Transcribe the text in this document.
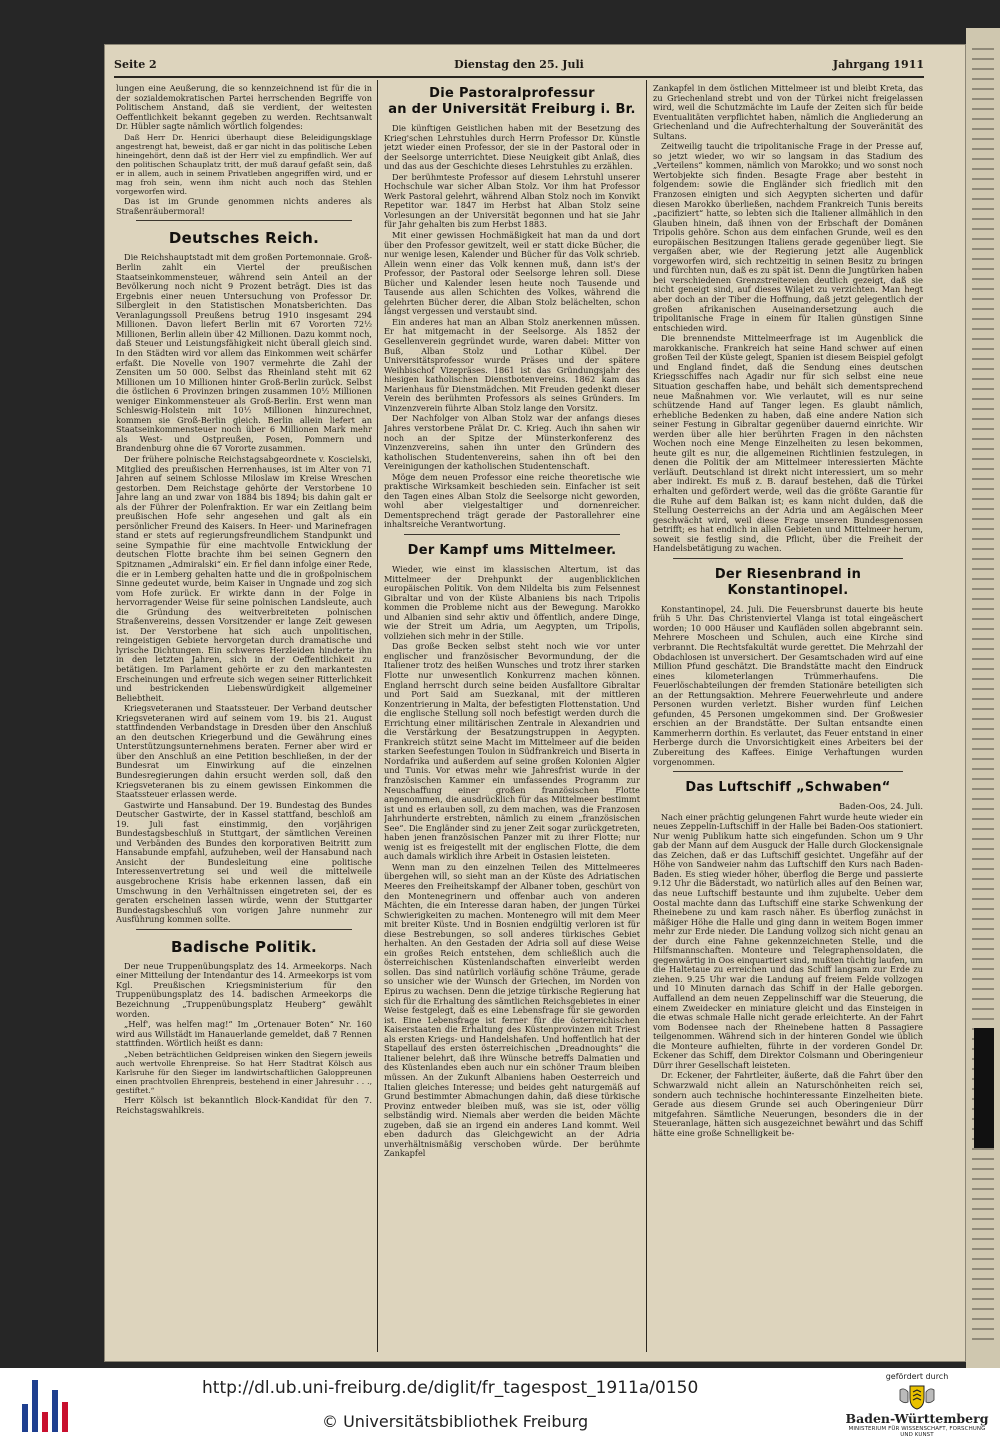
Seite 2	Dienstag den 25. Juli	Jahrgang 1911

lungen eine Aeußerung, die so kennzeichnend ist für die in der sozialdemokratischen Partei herrschenden Begriffe von Politischem Anstand, daß sie verdient, der weitesten Oeffentlichkeit bekannt gegeben zu werden. Rechtsanwalt Dr. Hübler sagte nämlich wörtlich folgendes:

Daß Herr Dr. Henrici überhaupt diese Beleidigungsklage angestrengt hat, beweist, daß er gar nicht in das politische Leben hineingehört, denn daß ist der Herr viel zu empfindlich. Wer auf den politischen Schauplatz tritt, der muß darauf gefaßt sein, daß er in allem, auch in seinem Privatleben angegriffen wird, und er mag froh sein, wenn ihm nicht auch noch das Stehlen vorgeworfen wird.

Das ist im Grunde genommen nichts anderes als Straßenräubermoral!

Deutsches Reich.

Die Reichshauptstadt mit dem großen Portemonnaie. Groß-Berlin zahlt ein Viertel der preußischen Staatseinkommensteuer, während sein Anteil an der Bevölkerung noch nicht 9 Prozent beträgt. Dies ist das Ergebnis einer neuen Untersuchung von Professor Dr. Silbergleit in den Statistischen Monatsberichten. Das Veranlagungssoll Preußens betrug 1910 insgesamt 294 Millionen. Davon liefert Berlin mit 67 Vororten 72½ Millionen, Berlin allein über 42 Millionen. Dazu kommt noch, daß Steuer und Leistungsfähigkeit nicht überall gleich sind. In den Städten wird vor allem das Einkommen weit schärfer erfaßt. Die Novelle von 1907 vermehrte die Zahl der Zensiten um 50 000. Selbst das Rheinland steht mit 62 Millionen um 10 Millionen hinter Groß-Berlin zurück. Selbst die östlichen 6 Provinzen bringen zusammen 10½ Millionen weniger Einkommensteuer als Groß-Berlin. Erst wenn man Schleswig-Holstein mit 10½ Millionen hinzurechnet, kommen sie Groß-Berlin gleich. Berlin allein liefert an Staatseinkommensteuer noch über 6 Millionen Mark mehr als West- und Ostpreußen, Posen, Pommern und Brandenburg ohne die 67 Vororte zusammen.

Der frühere polnische Reichstagsabgeordnete v. Koscielski, Mitglied des preußischen Herrenhauses, ist im Alter von 71 Jahren auf seinem Schlosse Miloslaw im Kreise Wreschen gestorben. Dem Reichstage gehörte der Verstorbene 10 Jahre lang an und zwar von 1884 bis 1894; bis dahin galt er als der Führer der Polenfraktion. Er war ein Zeitlang beim preußischen Hofe sehr angesehen und galt als ein persönlicher Freund des Kaisers. In Heer- und Marinefragen stand er stets auf regierungsfreundlichem Standpunkt und seine Sympathie für eine machtvolle Entwicklung der deutschen Flotte brachte ihm bei seinen Gegnern den Spitznamen „Admiralski“ ein. Er fiel dann infolge einer Rede, die er in Lemberg gehalten hatte und die in großpolnischem Sinne gedeutet wurde, beim Kaiser in Ungnade und zog sich vom Hofe zurück. Er wirkte dann in der Folge in hervorragender Weise für seine polnischen Landsleute, auch die Gründung des weitverbreiteten polnischen Straßenvereins, dessen Vorsitzender er lange Zeit gewesen ist. Der Verstorbene hat sich auch unpolitischen, reingeistigen Gebiete hervorgetan durch dramatische und lyrische Dichtungen. Ein schweres Herzleiden hinderte ihn in den letzten Jahren, sich in der Oeffentlichkeit zu betätigen. Im Parlament gehörte er zu den markantesten Erscheinungen und erfreute sich wegen seiner Ritterlichkeit und bestrickenden Liebenswürdigkeit allgemeiner Beliebtheit.

Kriegsveteranen und Staatssteuer. Der Verband deutscher Kriegsveteranen wird auf seinem vom 19. bis 21. August stattfindenden Verbandstage in Dresden über den Anschluß an den deutschen Kriegerbund und die Gewährung eines Unterstützungsunternehmens beraten. Ferner aber wird er über den Anschluß an eine Petition beschließen, in der der Bundesrat um Einwirkung auf die einzelnen Bundesregierungen dahin ersucht werden soll, daß den Kriegsveteranen bis zu einem gewissen Einkommen die Staatssteuer erlassen werde.

Gastwirte und Hansabund. Der 19. Bundestag des Bundes Deutscher Gastwirte, der in Kassel stattfand, beschloß am 19. Juli fast einstimmig, den vorjährigen Bundestagsbeschluß in Stuttgart, der sämtlichen Vereinen und Verbänden des Bundes den korporativen Beitritt zum Hansabunde empfahl, aufzuheben, weil der Hansabund nach Ansicht der Bundesleitung eine politische Interessenvertretung sei und weil die mittelweile ausgebrochene Krisis habe erkennen lassen, daß ein Umschwung in den Verhältnissen eingetreten sei, der es geraten erscheinen lassen würde, wenn der Stuttgarter Bundestagsbeschluß von vorigen Jahre nunmehr zur Ausführung kommen sollte.

Badische Politik.

Der neue Truppenübungsplatz des 14. Armeekorps. Nach einer Mitteilung der Intendantur des 14. Armeekorps ist vom Kgl. Preußischen Kriegsministerium für den Truppenübungsplatz des 14. badischen Armeekorps die Bezeichnung „Truppenübungsplatz Heuberg“ gewählt worden.

„Helf', was helfen mag!“ Im „Ortenauer Boten“ Nr. 160 wird aus Willstädt im Hanauerlande gemeldet, daß 7 Rennen stattfinden. Wörtlich heißt es dann:

„Neben beträchtlichen Geldpreisen winken den Siegern jeweils auch wertvolle Ehrenpreise. So hat Herr Stadtrat Kölsch aus Karlsruhe für den Sieger im landwirtschaftlichen Galoppreunen einen prachtvollen Ehrenpreis, bestehend in einer Jahresuhr . . ., gestiftet.“

Herr Kölsch ist bekanntlich Block-Kandidat für den 7. Reichstagswahlkreis.

Die Pastoralprofessur
an der Universität Freiburg i. Br.

Die künftigen Geistlichen haben mit der Besetzung des Krieg'schen Lehrstuhles durch Herrn Professor Dr. Künstle jetzt wieder einen Professor, der sie in der Pastoral oder in der Seelsorge unterrichtet. Diese Neuigkeit gibt Anlaß, dies und das aus der Geschichte dieses Lehrstuhles zu erzählen.

Der berühmteste Professor auf diesem Lehrstuhl unserer Hochschule war sicher Alban Stolz. Vor ihm hat Professor Werk Pastoral gelehrt, während Alban Stolz noch im Konvikt Repetitor war. 1847 im Herbst hat Alban Stolz seine Vorlesungen an der Universität begonnen und hat sie Jahr für Jahr gehalten bis zum Herbst 1883.

Mit einer gewissen Hochmäßigkeit hat man da und dort über den Professor gewitzelt, weil er statt dicke Bücher, die nur wenige lesen, Kalender und Bücher für das Volk schrieb. Allein wenn einer das Volk kennen muß, dann ist's der Professor, der Pastoral oder Seelsorge lehren soll. Diese Bücher und Kalender lesen heute noch Tausende und Tausende aus allen Schichten des Volkes, während die gelehrten Bücher derer, die Alban Stolz belächelten, schon längst vergessen und verstaubt sind.

Ein anderes hat man an Alban Stolz anerkennen müssen. Er hat mitgemacht in der Seelsorge. Als 1852 der Gesellenverein gegründet wurde, waren dabei: Mitter von Buß, Alban Stolz und Lothar Kübel. Der Universitätsprofessor wurde Präses und der spätere Weihbischof Vizepräses. 1861 ist das Gründungsjahr des hiesigen katholischen Dienstbotenvereins. 1862 kam das Marienhaus für Dienstmädchen. Mit Freuden gedenkt dieser Verein des berühmten Professors als seines Gründers. Im Vinzenzverein führte Alban Stolz lange den Vorsitz.

Der Nachfolger von Alban Stolz war der anfangs dieses Jahres verstorbene Prälat Dr. C. Krieg. Auch ihn sahen wir noch an der Spitze der Münsterkonferenz des Vinzenzvereins, sahen ihn unter den Gründern des katholischen Studentenvereins, sahen ihn oft bei den Vereinigungen der katholischen Studentenschaft.

Möge dem neuen Professor eine reiche theoretische wie praktische Wirksamkeit beschieden sein. Einfacher ist seit den Tagen eines Alban Stolz die Seelsorge nicht geworden, wohl aber vielgestaltiger und dornenreicher. Dementsprechend trägt gerade der Pastorallehrer eine inhaltsreiche Verantwortung.

Der Kampf ums Mittelmeer.

Wieder, wie einst im klassischen Altertum, ist das Mittelmeer der Drehpunkt der augenblicklichen europäischen Politik. Von dem Nildelta bis zum Felsennest Gibraltar und von der Küste Albaniens bis nach Tripolis kommen die Probleme nicht aus der Bewegung. Marokko und Albanien sind sehr aktiv und öffentlich, andere Dinge, wie der Streit um Adria, um Aegypten, um Tripolis, vollziehen sich mehr in der Stille.

Das große Becken selbst steht noch wie vor unter englischer und französischer Bevormundung, der die Italiener trotz des heißen Wunsches und trotz ihrer starken Flotte nur unwesentlich Konkurrenz machen können. England herrscht durch seine beiden Ausfalltore Gibraltar und Port Said am Suezkanal, mit der mittleren Konzentrierung in Malta, der befestigten Flottenstation. Und die englische Stellung soll noch befestigt werden durch die Errichtung einer militärischen Zentrale in Alexandrien und die Verstärkung der Besatzungstruppen in Aegypten. Frankreich stützt seine Macht im Mittelmeer auf die beiden starken Seefestungen Toulon in Südfrankreich und Biserta in Nordafrika und außerdem auf seine großen Kolonien Algier und Tunis. Vor etwas mehr wie Jahresfrist wurde in der französischen Kammer ein umfassendes Programm zur Neuschaffung einer großen französischen Flotte angenommen, die ausdrücklich für das Mittelmeer bestimmt ist und es erlauben soll, zu dem machen, was die Franzosen Jahrhunderte erstrebten, nämlich zu einem „französischen See“. Die Engländer sind zu jener Zeit sogar zurückgetreten, haben jenen französischen Panzer mit zu ihrer Flotte; nur wenig ist es freigestellt mit der englischen Flotte, die dem auch damals wirklich ihre Arbeit in Ostasien leisteten.

Wenn man zu den einzelnen Teilen des Mittelmeeres übergehen will, so sieht man an der Küste des Adriatischen Meeres den Freiheitskampf der Albaner toben, geschürt von den Montenegrinern und offenbar auch von anderen Mächten, die ein Interesse daran haben, der jungen Türkei Schwierigkeiten zu machen. Montenegro will mit dem Meer mit breiter Küste. Und in Bosnien endgültig verloren ist für diese Bestrebungen, so soll anderes türkisches Gebiet herhalten. An den Gestaden der Adria soll auf diese Weise ein großes Reich entstehen, dem schließlich auch die österreichischen Küstenlandschaften einverleibt werden sollen. Das sind natürlich vorläufig schöne Träume, gerade so unsicher wie der Wunsch der Griechen, im Norden von Epirus zu wachsen. Denn die jetzige türkische Regierung hat sich für die Erhaltung des sämtlichen Reichsgebietes in einer Weise festgelegt, daß es eine Lebensfrage für sie geworden ist. Eine Lebensfrage ist ferner für die österreichischen Kaiserstaaten die Erhaltung des Küstenprovinzen mit Triest als ersten Kriegs- und Handelshafen. Und hoffentlich hat der Stapellauf des ersten österreichischen „Dreadnoughts“ die Italiener belehrt, daß ihre Wünsche betreffs Dalmatien und des Küstenlandes eben auch nur ein schöner Traum bleiben müssen. An der Zukunft Albaniens haben Oesterreich und Italien gleiches Interesse; und beides geht naturgemäß auf Grund bestimmter Abmachungen dahin, daß diese türkische Provinz entweder bleiben muß, was sie ist, oder völlig selbständig wird. Niemals aber werden die beiden Mächte zugeben, daß sie an irgend ein anderes Land kommt. Weil eben dadurch das Gleichgewicht an der Adria unverhältnismäßig verschoben würde. Der berühmte Zankapfel

Zankapfel in dem östlichen Mittelmeer ist und bleibt Kreta, das zu Griechenland strebt und von der Türkei nicht freigelassen wird, weil die Schutzmächte im Laufe der Zeiten sich für beide Eventualitäten verpflichtet haben, nämlich die Angliederung an Griechenland und die Aufrechterhaltung der Souveränität des Sultans.

Zeitweilig taucht die tripolitanische Frage in der Presse auf, so jetzt wieder, wo wir so langsam in das Stadium des „Verteilens“ kommen, nämlich von Marokko; und wo sonst noch Wertobjekte sich finden. Besagte Frage aber besteht in folgendem: sowie die Engländer sich friedlich mit den Franzosen einigten und sich Aegypten sicherten und dafür diesen Marokko überließen, nachdem Frankreich Tunis bereits „pacifiziert“ hatte, so lebten sich die Italiener allmählich in den Glauben hinein, daß ihnen von der Erbschaft der Domänen Tripolis gehöre. Schon aus dem einfachen Grunde, weil es den europäischen Besitzungen Italiens gerade gegenüber liegt. Sie vergaßen aber, wie der Regierung jetzt alle Augenblick vorgeworfen wird, sich rechtzeitig in seinen Besitz zu bringen und fürchten nun, daß es zu spät ist. Denn die Jungtürken haben bei verschiedenen Grenzstreitereien deutlich gezeigt, daß sie nicht geneigt sind, auf dieses Wilajet zu verzichten. Man hegt aber doch an der Tiber die Hoffnung, daß jetzt gelegentlich der großen afrikanischen Auseinandersetzung auch die tripolitanische Frage in einem für Italien günstigen Sinne entschieden wird.

Die brennendste Mittelmeerfrage ist im Augenblick die marokkanische. Frankreich hat seine Hand schwer auf einen großen Teil der Küste gelegt, Spanien ist diesem Beispiel gefolgt und England findet, daß die Sendung eines deutschen Kriegsschiffes nach Agadir nur für sich selbst eine neue Situation geschaffen habe, und behält sich dementsprechend neue Maßnahmen vor. Wie verlautet, will es nur seine schützende Hand auf Tanger legen. Es glaubt nämlich, erhebliche Bedenken zu haben, daß eine andere Nation sich seiner Festung in Gibraltar gegenüber dauernd einrichte. Wir werden über alle hier berührten Fragen in den nächsten Wochen noch eine Menge Einzelheiten zu lesen bekommen, heute gilt es nur, die allgemeinen Richtlinien festzulegen, in denen die Politik der am Mittelmeer interessierten Mächte verläuft. Deutschland ist direkt nicht interessiert, um so mehr aber indirekt. Es muß z. B. darauf bestehen, daß die Türkei erhalten und gefördert werde, weil das die größte Garantie für die Ruhe auf dem Balkan ist; es kann nicht dulden, daß die Stellung Oesterreichs an der Adria und am Aegäischen Meer geschwächt wird, weil diese Frage unseren Bundesgenossen betrifft; es hat endlich in allen Gebieten und Mittelmeer herum, soweit sie festlig sind, die Pflicht, über die Freiheit der Handelsbetätigung zu wachen.

Der Riesenbrand in Konstantinopel.

Konstantinopel, 24. Juli. Die Feuersbrunst dauerte bis heute früh 5 Uhr. Das Christenviertel Vlanga ist total eingeäschert worden; 10 000 Häuser und Kaufläden sollen abgebrannt sein. Mehrere Moscheen und Schulen, auch eine Kirche sind verbrannt. Die Rechtsfakultät wurde gerettet. Die Mehrzahl der Obdachlosen ist unversichert. Der Gesamtschaden wird auf eine Million Pfund geschätzt. Die Brandstätte macht den Eindruck eines kilometerlangen Trümmerhaufens. Die Feuerlöschabteilungen der fremden Stationäre beteiligten sich an der Rettungsaktion. Mehrere Feuerwehrleute und andere Personen wurden verletzt. Bisher wurden fünf Leichen gefunden, 45 Personen umgekommen sind. Der Großwesier erschien an der Brandstätte. Der Sultan entsandte einen Kammerherrn dorthin. Es verlautet, das Feuer entstand in einer Herberge durch die Unvorsichtigkeit eines Arbeiters bei der Zubereitung des Kaffees. Einige Verhaftungen wurden vorgenommen.

Das Luftschiff „Schwaben“

Baden-Oos, 24. Juli.

Nach einer prächtig gelungenen Fahrt wurde heute wieder ein neues Zeppelin-Luftschiff in der Halle bei Baden-Oos stationiert. Nur wenig Publikum hatte sich eingefunden. Schon um 9 Uhr gab der Mann auf dem Ausguck der Halle durch Glockensignale das Zeichen, daß er das Luftschiff gesichtet. Ungefähr auf der Höhe von Sandweier nahm das Luftschiff den Kurs nach Baden-Baden. Es stieg wieder höher, überflog die Berge und passierte 9.12 Uhr die Bäderstadt, wo natürlich alles auf den Beinen war, das neue Luftschiff bestaunte und ihm zujubelte. Ueber dem Oostal machte dann das Luftschiff eine starke Schwenkung der Rheinebene zu und kam rasch näher. Es überflog zunächst in mäßiger Höhe die Halle und ging dann in weitem Bogen immer mehr zur Erde nieder. Die Landung vollzog sich nicht genau an der durch eine Fahne gekennzeichneten Stelle, und die Hilfsmannschaften. Monteure und Telegraphensoldaten, die gegenwärtig in Oos einquartiert sind, mußten tüchtig laufen, um die Haltetaue zu erreichen und das Schiff langsam zur Erde zu ziehen. 9.25 Uhr war die Landung auf freiem Felde vollzogen und 10 Minuten darnach das Schiff in der Halle geborgen. Auffallend an dem neuen Zeppelinschiff war die Steuerung, die einem Zweidecker en miniature gleicht und das Einsteigen in die etwas schmale Halle nicht gerade erleichterte. An der Fahrt vom Bodensee nach der Rheinebene hatten 8 Passagiere teilgenommen. Während sich in der hinteren Gondel wie üblich die Monteure aufhielten, führte in der vorderen Gondel Dr. Eckener das Schiff, dem Direktor Colsmann und Oberingenieur Dürr ihrer Gesellschaft leisteten.

Dr. Eckener, der Fahrtleiter, äußerte, daß die Fahrt über den Schwarzwald nicht allein an Naturschönheiten reich sei, sondern auch technische hochinteressante Einzelheiten biete. Gerade aus diesem Grunde sei auch Oberingenieur Dürr mitgefahren. Sämtliche Neuerungen, besonders die in der Steueranlage, hätten sich ausgezeichnet bewährt und das Schiff hätte eine große Schnelligkeit be-

http://dl.ub.uni-freiburg.de/diglit/fr_tagespost_1911a/0150
© Universitätsbibliothek Freiburg
gefördert durch
Baden-Württemberg
MINISTERIUM FÜR WISSENSCHAFT, FORSCHUNG UND KUNST
